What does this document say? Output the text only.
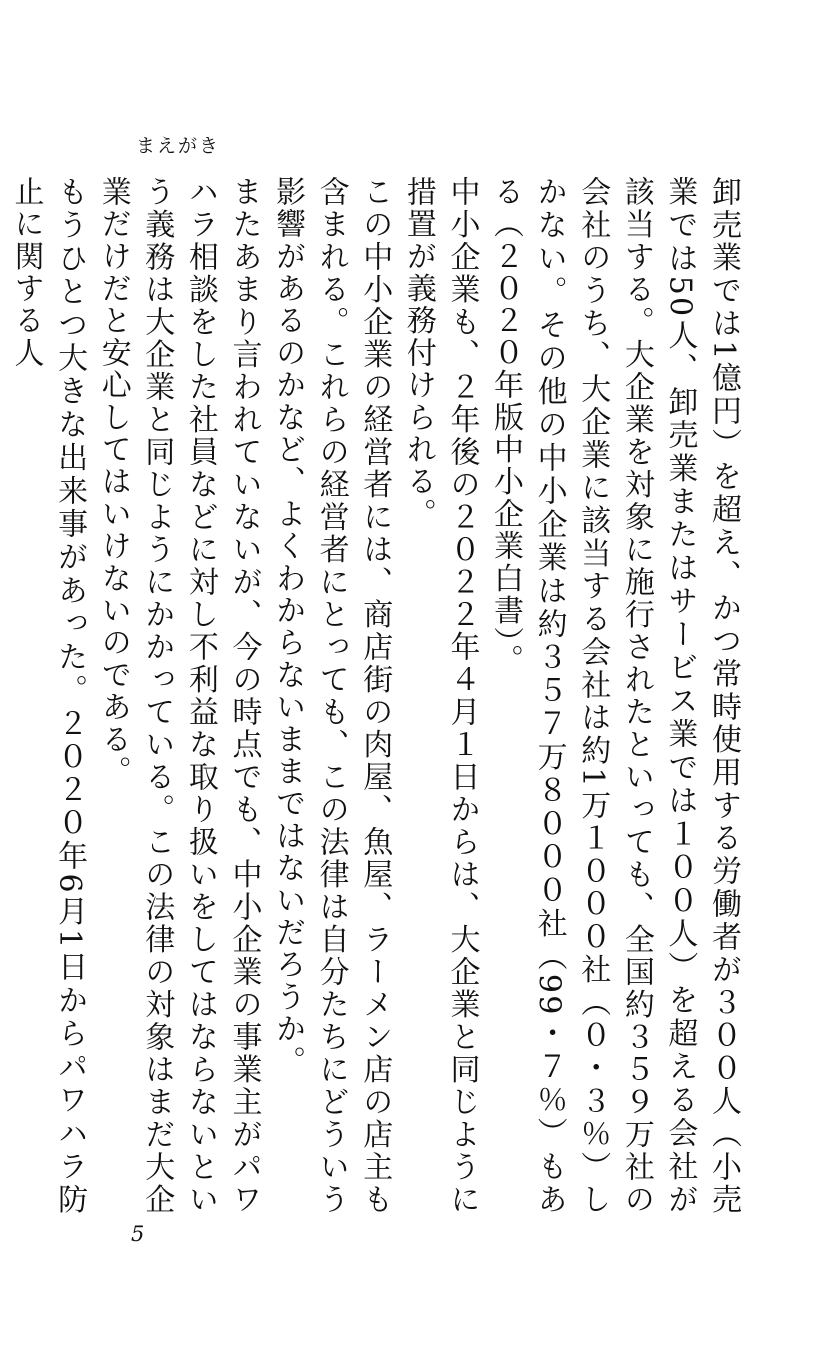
まえがき

卸売業では1億円）を超え、かつ常時使用する労働者が３００人（小売業では50人、卸売業またはサービス業では１００人）を超える会社が該当する。大企業を対象に施行されたといっても、全国約３５９万社の会社のうち、大企業に該当する会社は約1万１０００社（０・３％）しかない。その他の中小企業は約３５７万８０００社（99・７％）もある（２０２０年版中小企業白書）。

中小企業も、２年後の２０２２年４月１日からは、大企業と同じように措置が義務付けられる。

この中小企業の経営者には、商店街の肉屋、魚屋、ラーメン店の店主も含まれる。これらの経営者にとっても、この法律は自分たちにどういう影響があるのかなど、よくわからないままではないだろうか。

またあまり言われていないが、今の時点でも、中小企業の事業主がパワハラ相談をした社員などに対し不利益な取り扱いをしてはならないという義務は大企業と同じようにかかっている。この法律の対象はまだ大企業だけだと安心してはいけないのである。

もうひとつ大きな出来事があった。２０２０年6月1日からパワハラ防止に関する人

5
